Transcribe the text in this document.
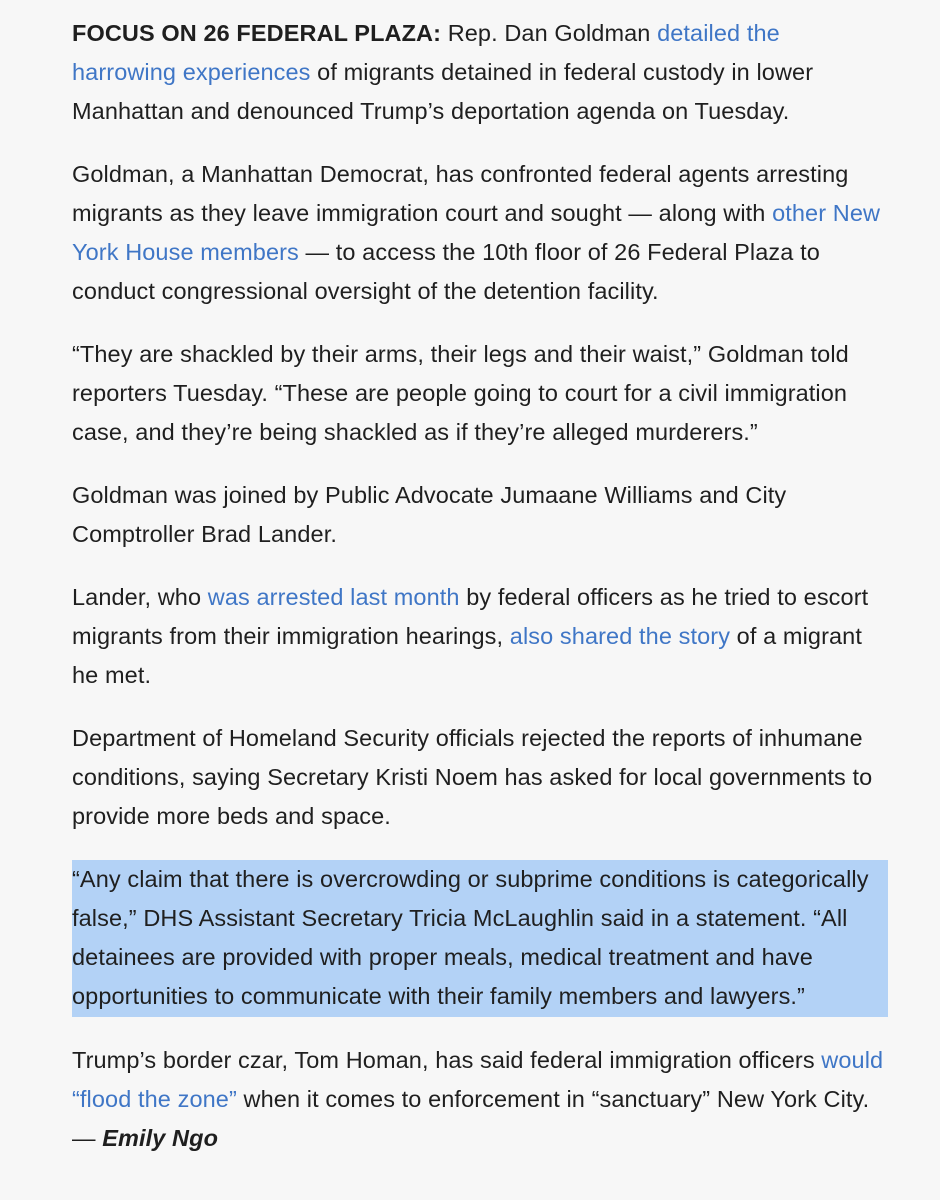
FOCUS ON 26 FEDERAL PLAZA: Rep. Dan Goldman detailed the harrowing experiences of migrants detained in federal custody in lower Manhattan and denounced Trump’s deportation agenda on Tuesday.

Goldman, a Manhattan Democrat, has confronted federal agents arresting migrants as they leave immigration court and sought — along with other New York House members — to access the 10th floor of 26 Federal Plaza to conduct congressional oversight of the detention facility.

“They are shackled by their arms, their legs and their waist,” Goldman told reporters Tuesday. “These are people going to court for a civil immigration case, and they’re being shackled as if they’re alleged murderers.”

Goldman was joined by Public Advocate Jumaane Williams and City Comptroller Brad Lander.

Lander, who was arrested last month by federal officers as he tried to escort migrants from their immigration hearings, also shared the story of a migrant he met.

Department of Homeland Security officials rejected the reports of inhumane conditions, saying Secretary Kristi Noem has asked for local governments to provide more beds and space.

“Any claim that there is overcrowding or subprime conditions is categorically false,” DHS Assistant Secretary Tricia McLaughlin said in a statement. “All detainees are provided with proper meals, medical treatment and have opportunities to communicate with their family members and lawyers.”

Trump’s border czar, Tom Homan, has said federal immigration officers would “flood the zone” when it comes to enforcement in “sanctuary” New York City. — Emily Ngo
